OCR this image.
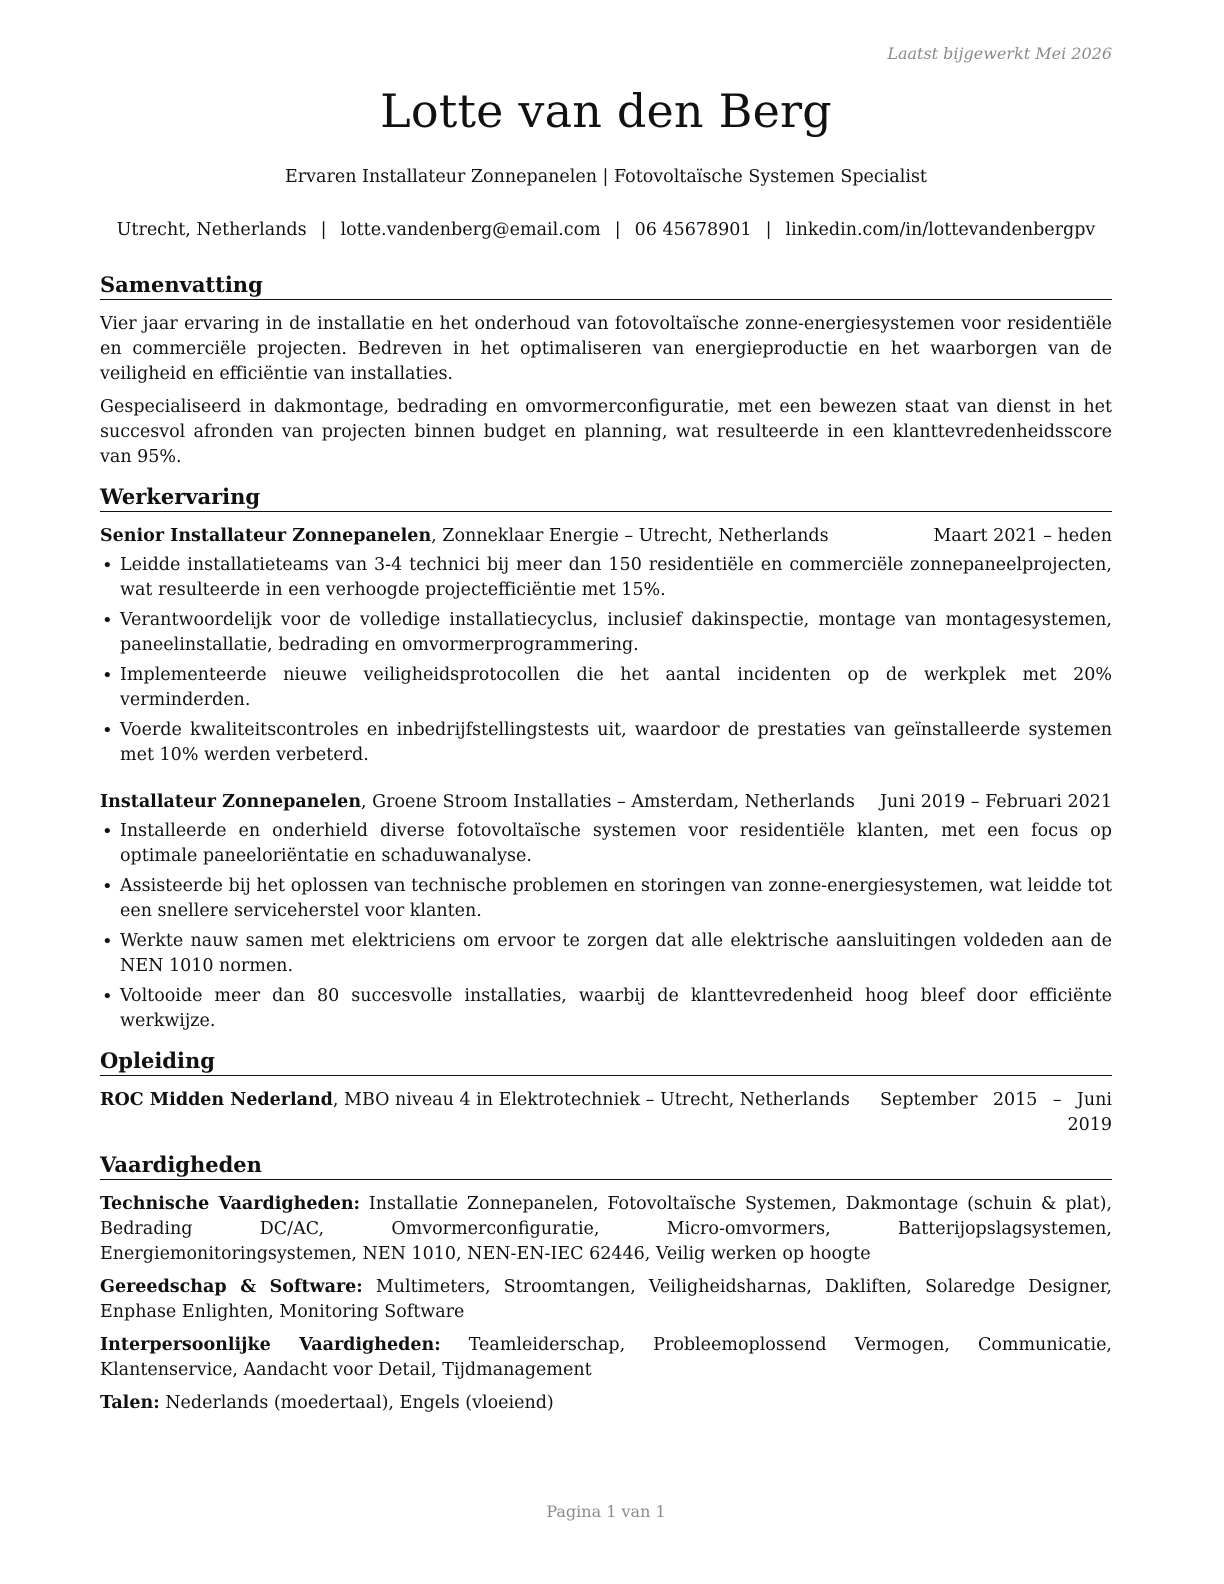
Laatst bijgewerkt Mei 2026
Lotte van den Berg
Ervaren Installateur Zonnepanelen | Fotovoltaïsche Systemen Specialist
Utrecht, Netherlands | lotte.vandenberg@email.com | 06 45678901 | linkedin.com/in/lottevandenbergpv
Samenvatting

Vier jaar ervaring in de installatie en het onderhoud van fotovoltaïsche zonne-energiesystemen voor residentiële en commerciële projecten. Bedreven in het optimaliseren van energieproductie en het waarborgen van de veiligheid en efficiëntie van installaties.

Gespecialiseerd in dakmontage, bedrading en omvormerconfiguratie, met een bewezen staat van dienst in het succesvol afronden van projecten binnen budget en planning, wat resulteerde in een klanttevredenheidsscore van 95%.

Werkervaring
Senior Installateur Zonnepanelen, Zonneklaar Energie – Utrecht, Netherlands	Maart 2021 – heden
• Leidde installatieteams van 3-4 technici bij meer dan 150 residentiële en commerciële zonnepaneelprojecten, wat resulteerde in een verhoogde projectefficiëntie met 15%.
• Verantwoordelijk voor de volledige installatiecyclus, inclusief dakinspectie, montage van montagesystemen, paneelinstallatie, bedrading en omvormerprogrammering.
• Implementeerde nieuwe veiligheidsprotocollen die het aantal incidenten op de werkplek met 20% verminderden.
• Voerde kwaliteitscontroles en inbedrijfstellingstests uit, waardoor de prestaties van geïnstalleerde systemen met 10% werden verbeterd.
Installateur Zonnepanelen, Groene Stroom Installaties – Amsterdam, Netherlands Juni 2019 – Februari 2021
• Installeerde en onderhield diverse fotovoltaïsche systemen voor residentiële klanten, met een focus op optimale paneeloriëntatie en schaduwanalyse.
• Assisteerde bij het oplossen van technische problemen en storingen van zonne-energiesystemen, wat leidde tot een snellere serviceherstel voor klanten.
• Werkte nauw samen met elektriciens om ervoor te zorgen dat alle elektrische aansluitingen voldeden aan de NEN 1010 normen.
• Voltooide meer dan 80 succesvolle installaties, waarbij de klanttevredenheid hoog bleef door efficiënte werkwijze.
Opleiding
ROC Midden Nederland, MBO niveau 4 in Elektrotechniek – Utrecht, Netherlands September 2015 – Juni 2019
Vaardigheden

Technische Vaardigheden: Installatie Zonnepanelen, Fotovoltaïsche Systemen, Dakmontage (schuin & plat), Bedrading DC/AC, Omvormerconfiguratie, Micro-omvormers, Batterijopslagsystemen, Energiemonitoringsystemen, NEN 1010, NEN-EN-IEC 62446, Veilig werken op hoogte

Gereedschap & Software: Multimeters, Stroomtangen, Veiligheidsharnas, Dakliften, Solaredge Designer, Enphase Enlighten, Monitoring Software

Interpersoonlijke Vaardigheden: Teamleiderschap, Probleemoplossend Vermogen, Communicatie, Klantenservice, Aandacht voor Detail, Tijdmanagement

Talen: Nederlands (moedertaal), Engels (vloeiend)

Pagina 1 van 1
